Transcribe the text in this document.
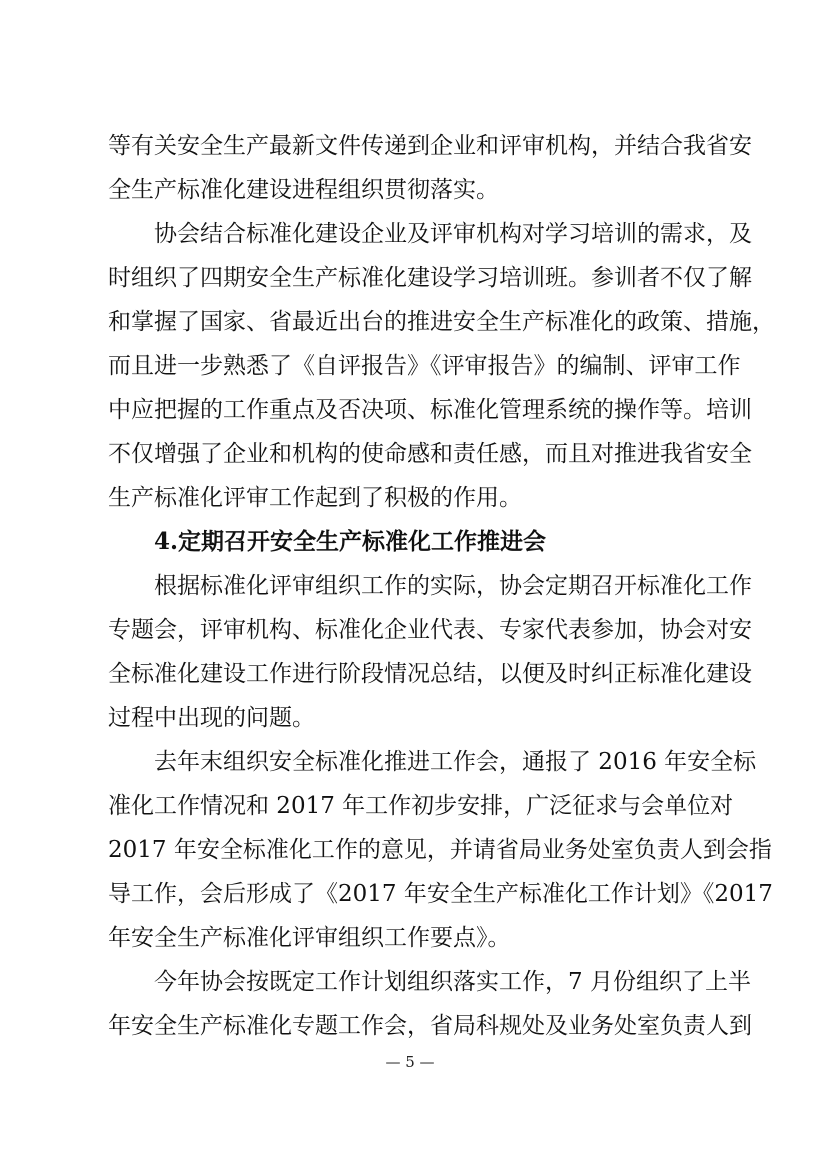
等有关安全生产最新文件传递到企业和评审机构，并结合我省安
全生产标准化建设进程组织贯彻落实。
协会结合标准化建设企业及评审机构对学习培训的需求，及
时组织了四期安全生产标准化建设学习培训班。参训者不仅了解
和掌握了国家、省最近出台的推进安全生产标准化的政策、措施，
而且进一步熟悉了《自评报告》《评审报告》的编制、评审工作
中应把握的工作重点及否决项、标准化管理系统的操作等。培训
不仅增强了企业和机构的使命感和责任感，而且对推进我省安全
生产标准化评审工作起到了积极的作用。
4.定期召开安全生产标准化工作推进会
根据标准化评审组织工作的实际，协会定期召开标准化工作
专题会，评审机构、标准化企业代表、专家代表参加，协会对安
全标准化建设工作进行阶段情况总结，以便及时纠正标准化建设
过程中出现的问题。
去年末组织安全标准化推进工作会，通报了 2016 年安全标
准化工作情况和 2017 年工作初步安排，广泛征求与会单位对
2017 年安全标准化工作的意见，并请省局业务处室负责人到会指
导工作，会后形成了《2017 年安全生产标准化工作计划》《2017
年安全生产标准化评审组织工作要点》。
今年协会按既定工作计划组织落实工作，7 月份组织了上半
年安全生产标准化专题工作会，省局科规处及业务处室负责人到
— 5 —
